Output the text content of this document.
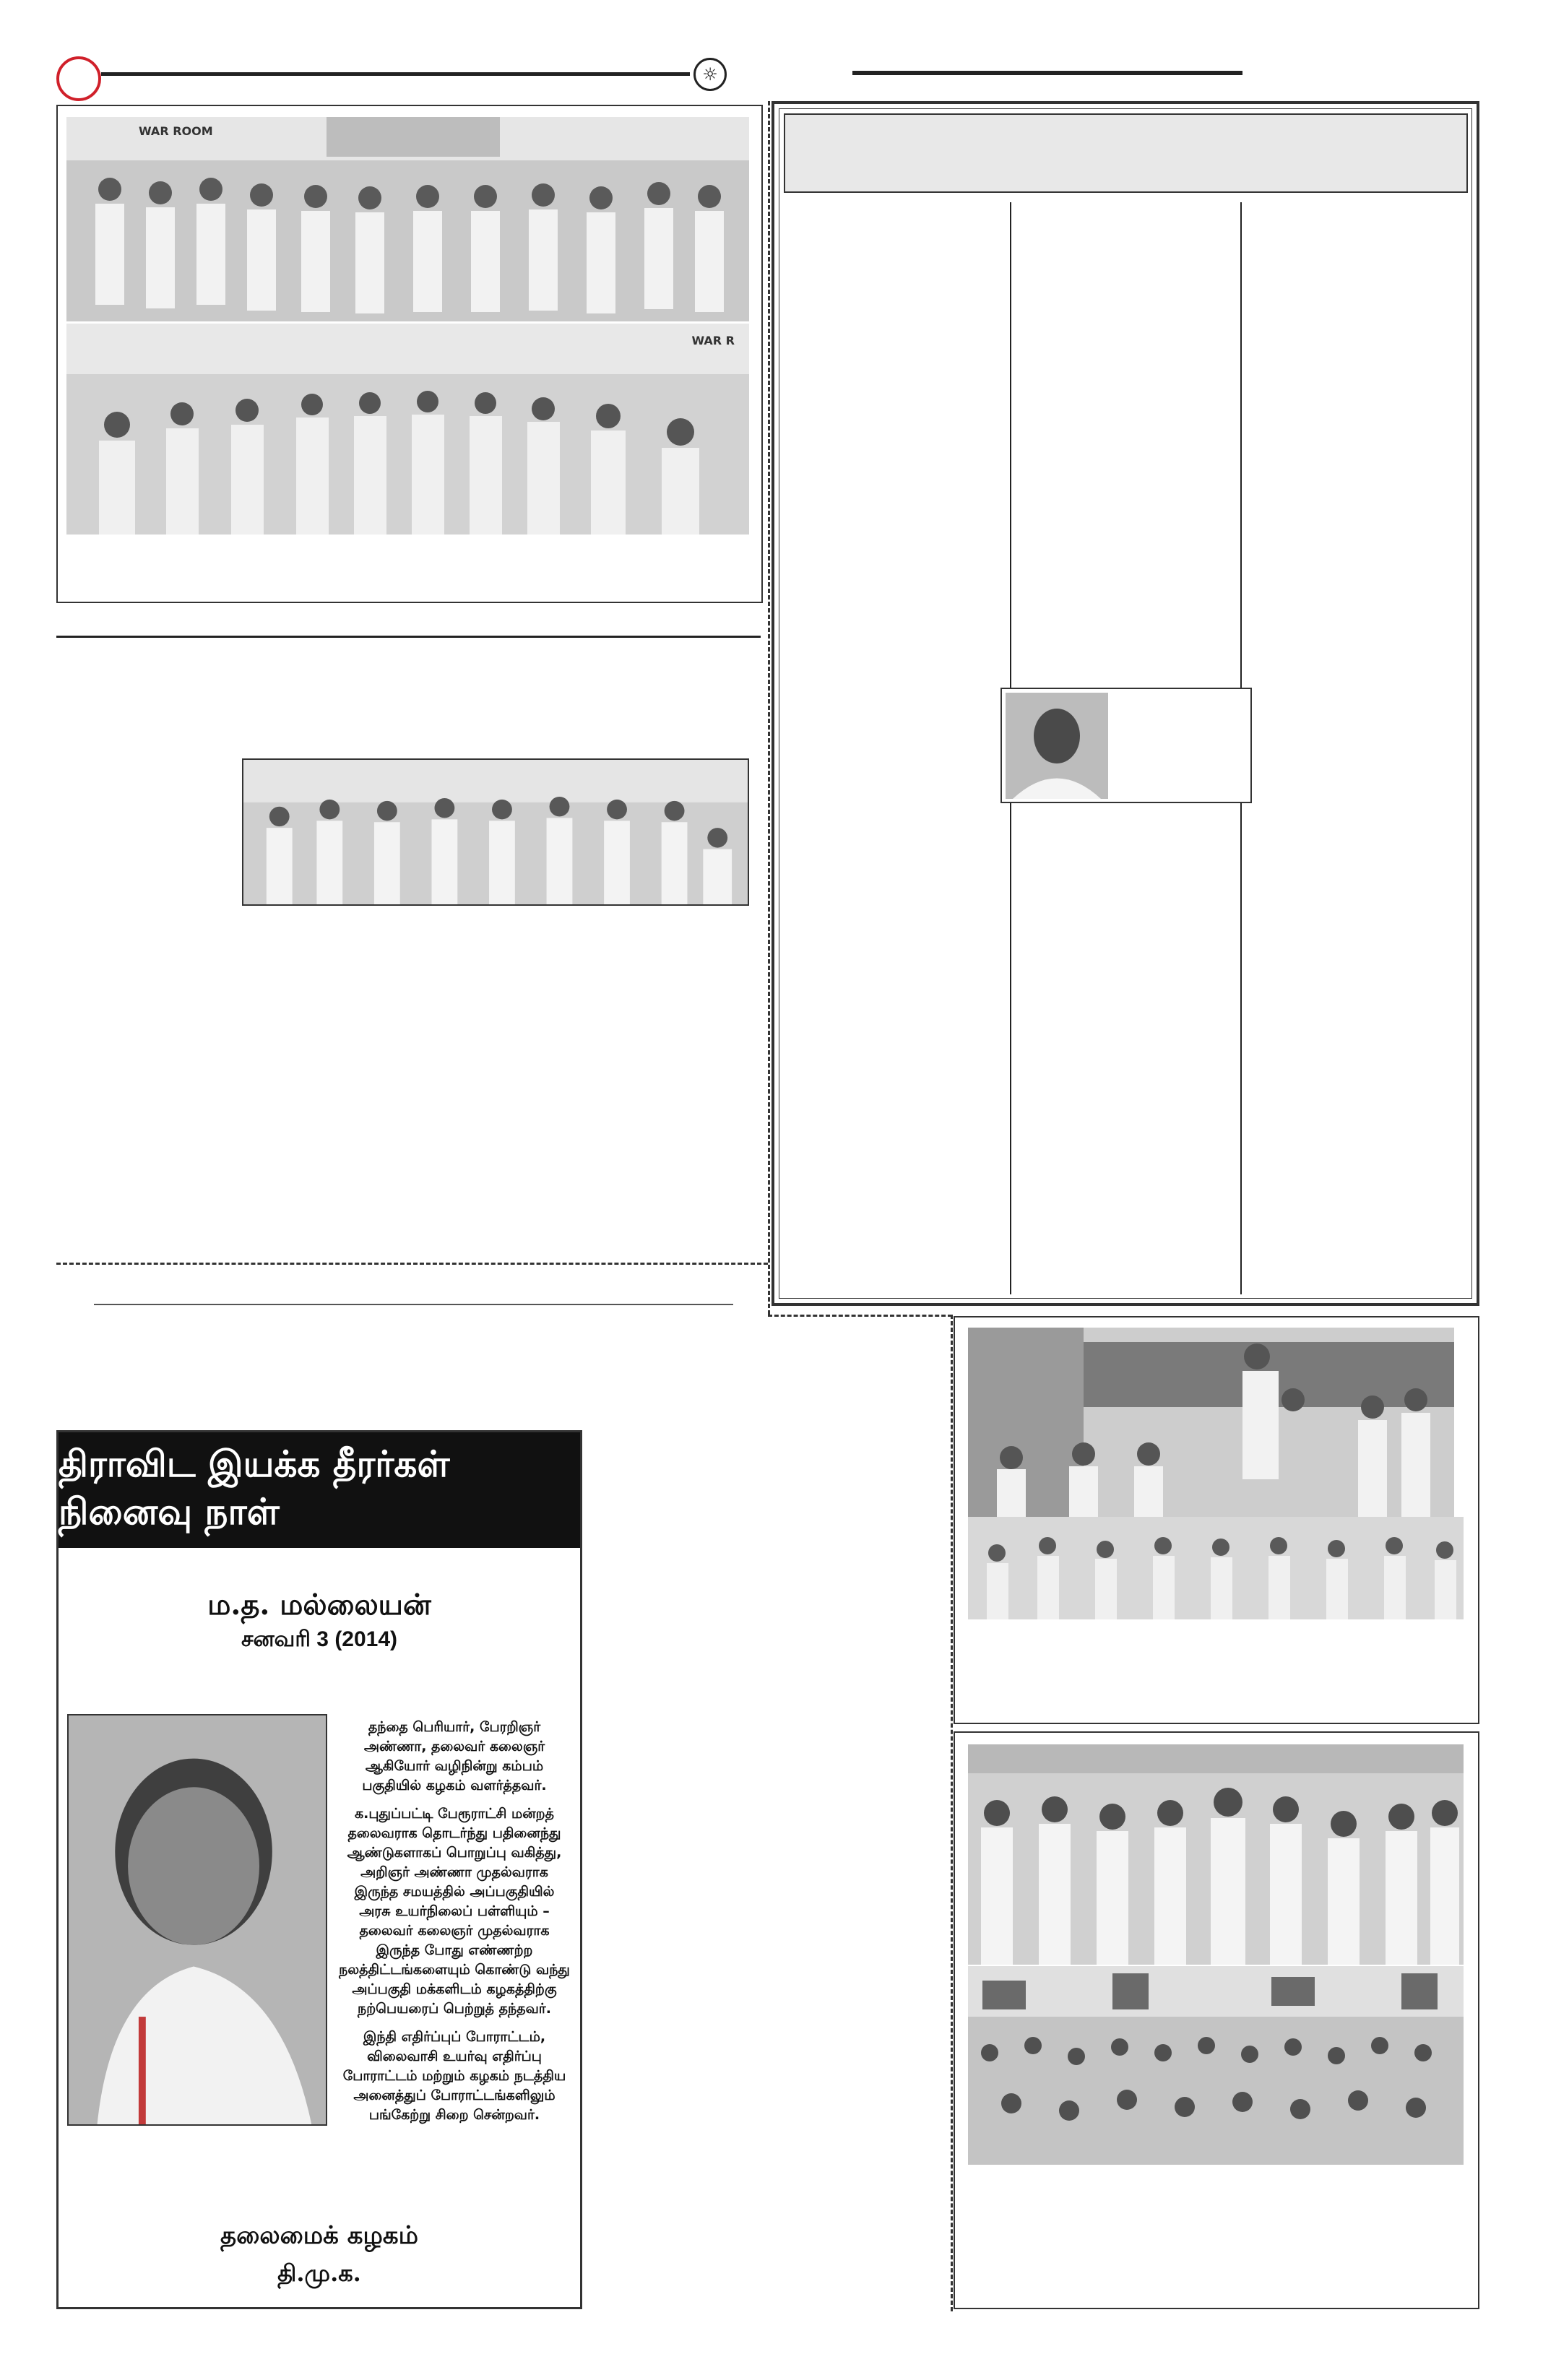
☼
WAR ROOM
WAR R
திராவிட இயக்க தீரர்கள் நினைவு நாள்
ம.த. மல்லையன்
சனவரி 3 (2014)

தந்தை பெரியார், பேரறிஞர் அண்ணா, தலைவர் கலைஞர் ஆகியோர் வழிநின்று கம்பம் பகுதியில் கழகம் வளர்த்தவர்.

க.புதுப்பட்டி பேரூராட்சி மன்றத் தலைவராக தொடர்ந்து பதினைந்து ஆண்டுகளாகப் பொறுப்பு வகித்து, அறிஞர் அண்ணா முதல்வராக இருந்த சமயத்தில் அப்பகுதியில் அரசு உயர்நிலைப் பள்ளியும் – தலைவர் கலைஞர் முதல்வராக இருந்த போது எண்ணற்ற நலத்திட்டங்களையும் கொண்டு வந்து அப்பகுதி மக்களிடம் கழகத்திற்கு நற்பெயரைப் பெற்றுத் தந்தவர்.

இந்தி எதிர்ப்புப் போராட்டம், விலைவாசி உயர்வு எதிர்ப்பு போராட்டம் மற்றும் கழகம் நடத்திய அனைத்துப் போராட்டங்களிலும் பங்கேற்று சிறை சென்றவர்.

தலைமைக் கழகம்
தி.மு.க.
